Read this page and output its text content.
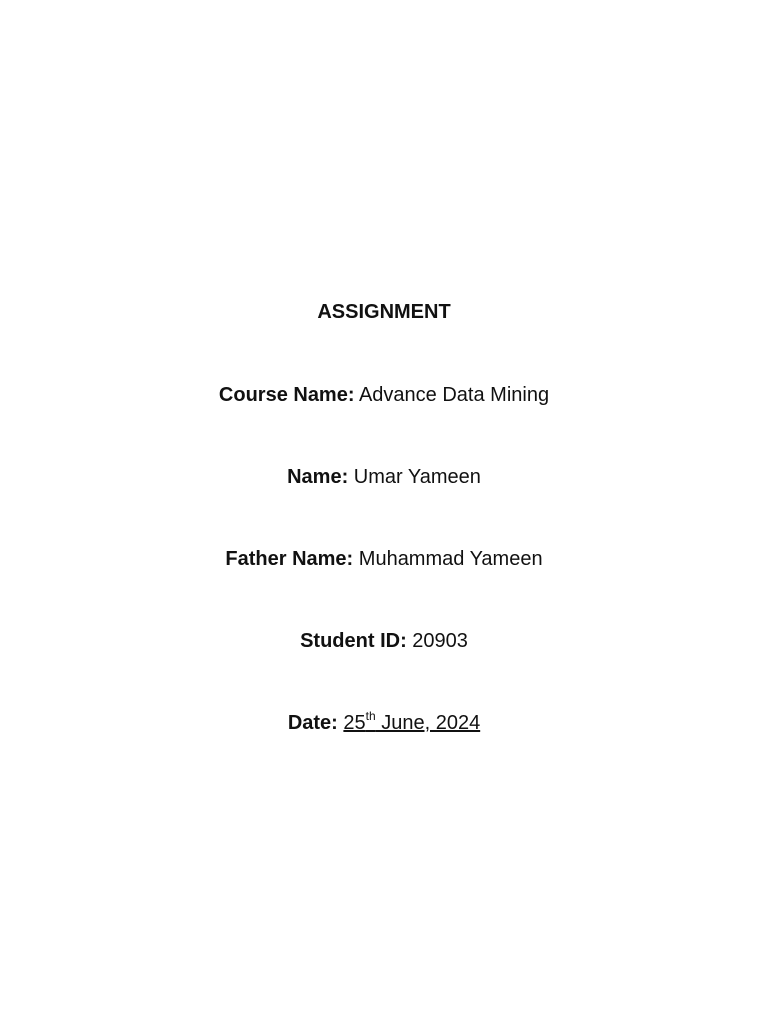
ASSIGNMENT
Course Name: Advance Data Mining
Name: Umar Yameen
Father Name: Muhammad Yameen
Student ID: 20903
Date: 25th June, 2024
